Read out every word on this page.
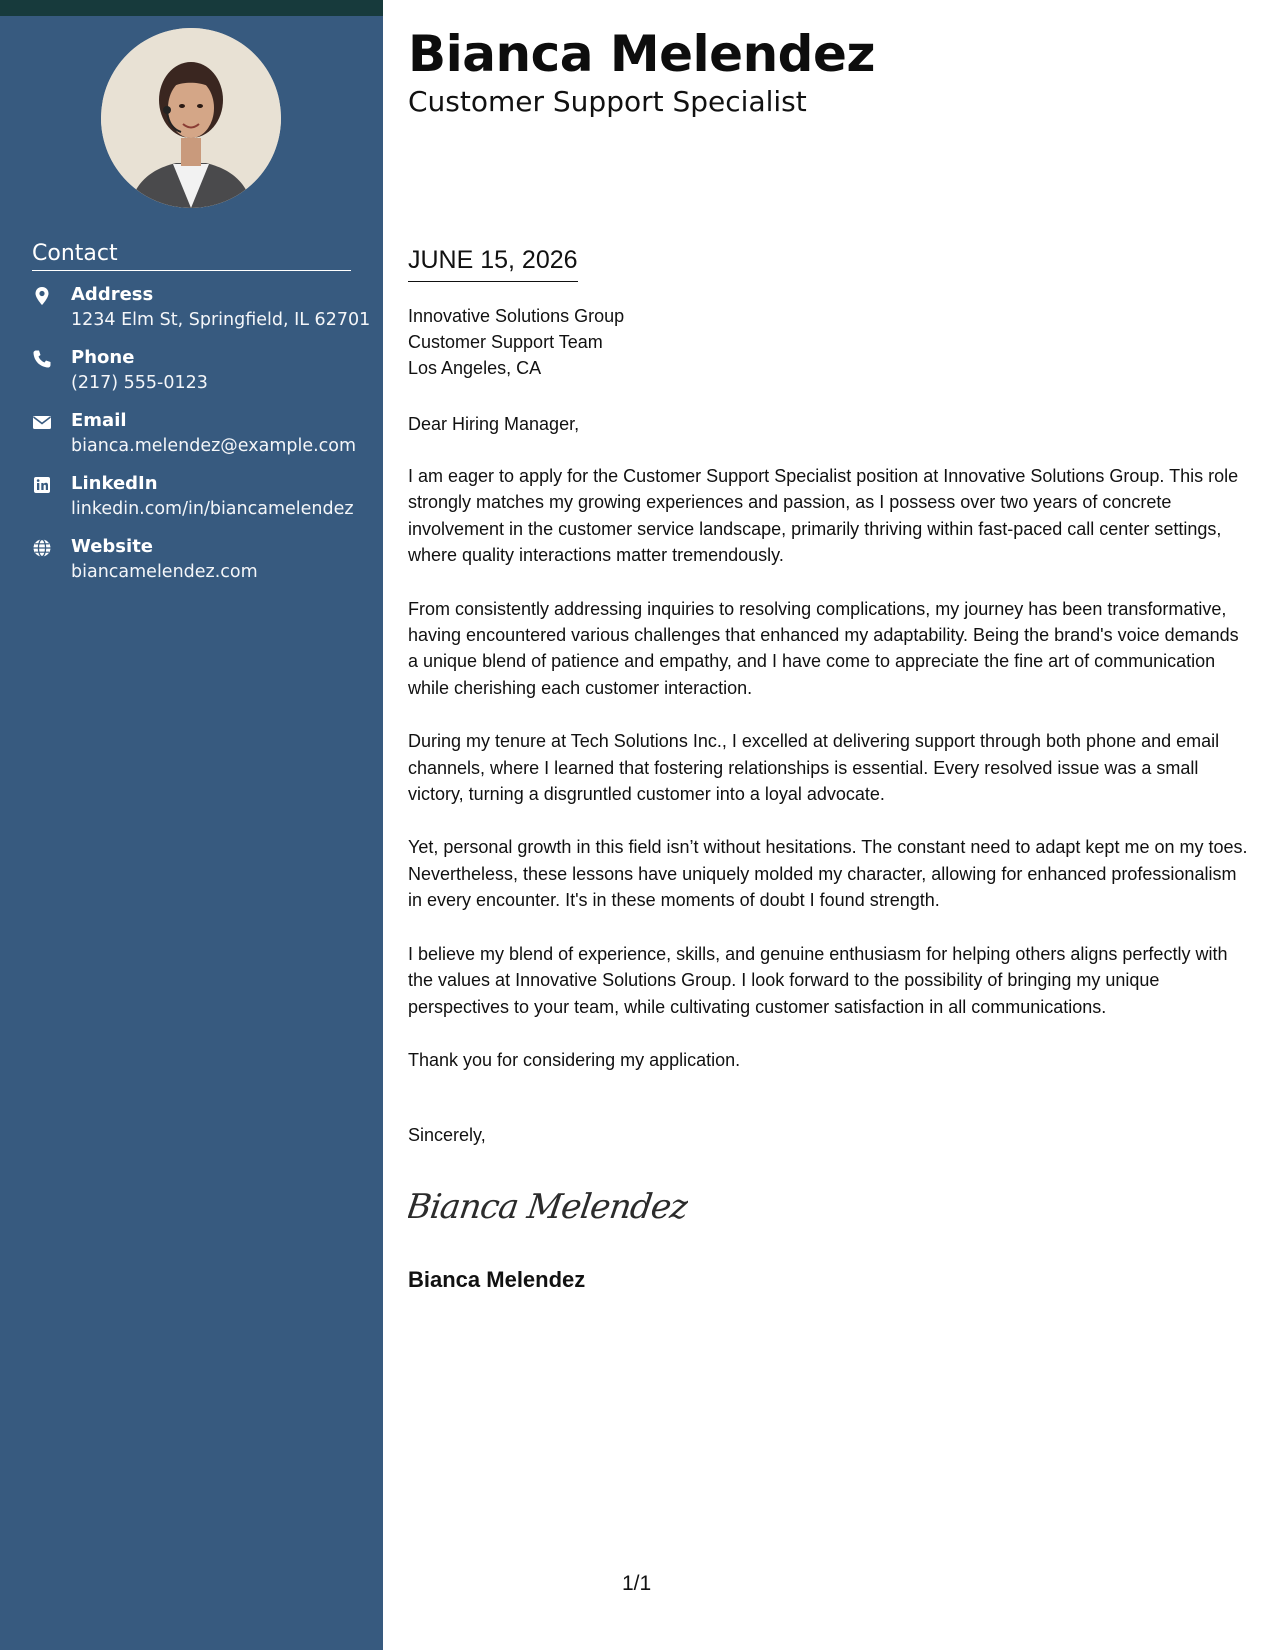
Contact
Address
1234 Elm St, Springfield, IL 62701
Phone
(217) 555-0123
Email
bianca.melendez@example.com
LinkedIn
linkedin.com/in/biancamelendez
Website
biancamelendez.com
Bianca Melendez
Customer Support Specialist
JUNE 15, 2026
Innovative Solutions Group
Customer Support Team
Los Angeles, CA
Dear Hiring Manager,

I am eager to apply for the Customer Support Specialist position at Innovative Solutions Group. This role strongly matches my growing experiences and passion, as I possess over two years of concrete involvement in the customer service landscape, primarily thriving within fast-paced call center settings, where quality interactions matter tremendously.

From consistently addressing inquiries to resolving complications, my journey has been transformative, having encountered various challenges that enhanced my adaptability. Being the brand's voice demands a unique blend of patience and empathy, and I have come to appreciate the fine art of communication while cherishing each customer interaction.

During my tenure at Tech Solutions Inc., I excelled at delivering support through both phone and email channels, where I learned that fostering relationships is essential. Every resolved issue was a small victory, turning a disgruntled customer into a loyal advocate.

Yet, personal growth in this field isn’t without hesitations. The constant need to adapt kept me on my toes. Nevertheless, these lessons have uniquely molded my character, allowing for enhanced professionalism in every encounter. It's in these moments of doubt I found strength.

I believe my blend of experience, skills, and genuine enthusiasm for helping others aligns perfectly with the values at Innovative Solutions Group. I look forward to the possibility of bringing my unique perspectives to your team, while cultivating customer satisfaction in all communications.

Thank you for considering my application.

Sincerely,
Bianca Melendez
Bianca Melendez
1/1
